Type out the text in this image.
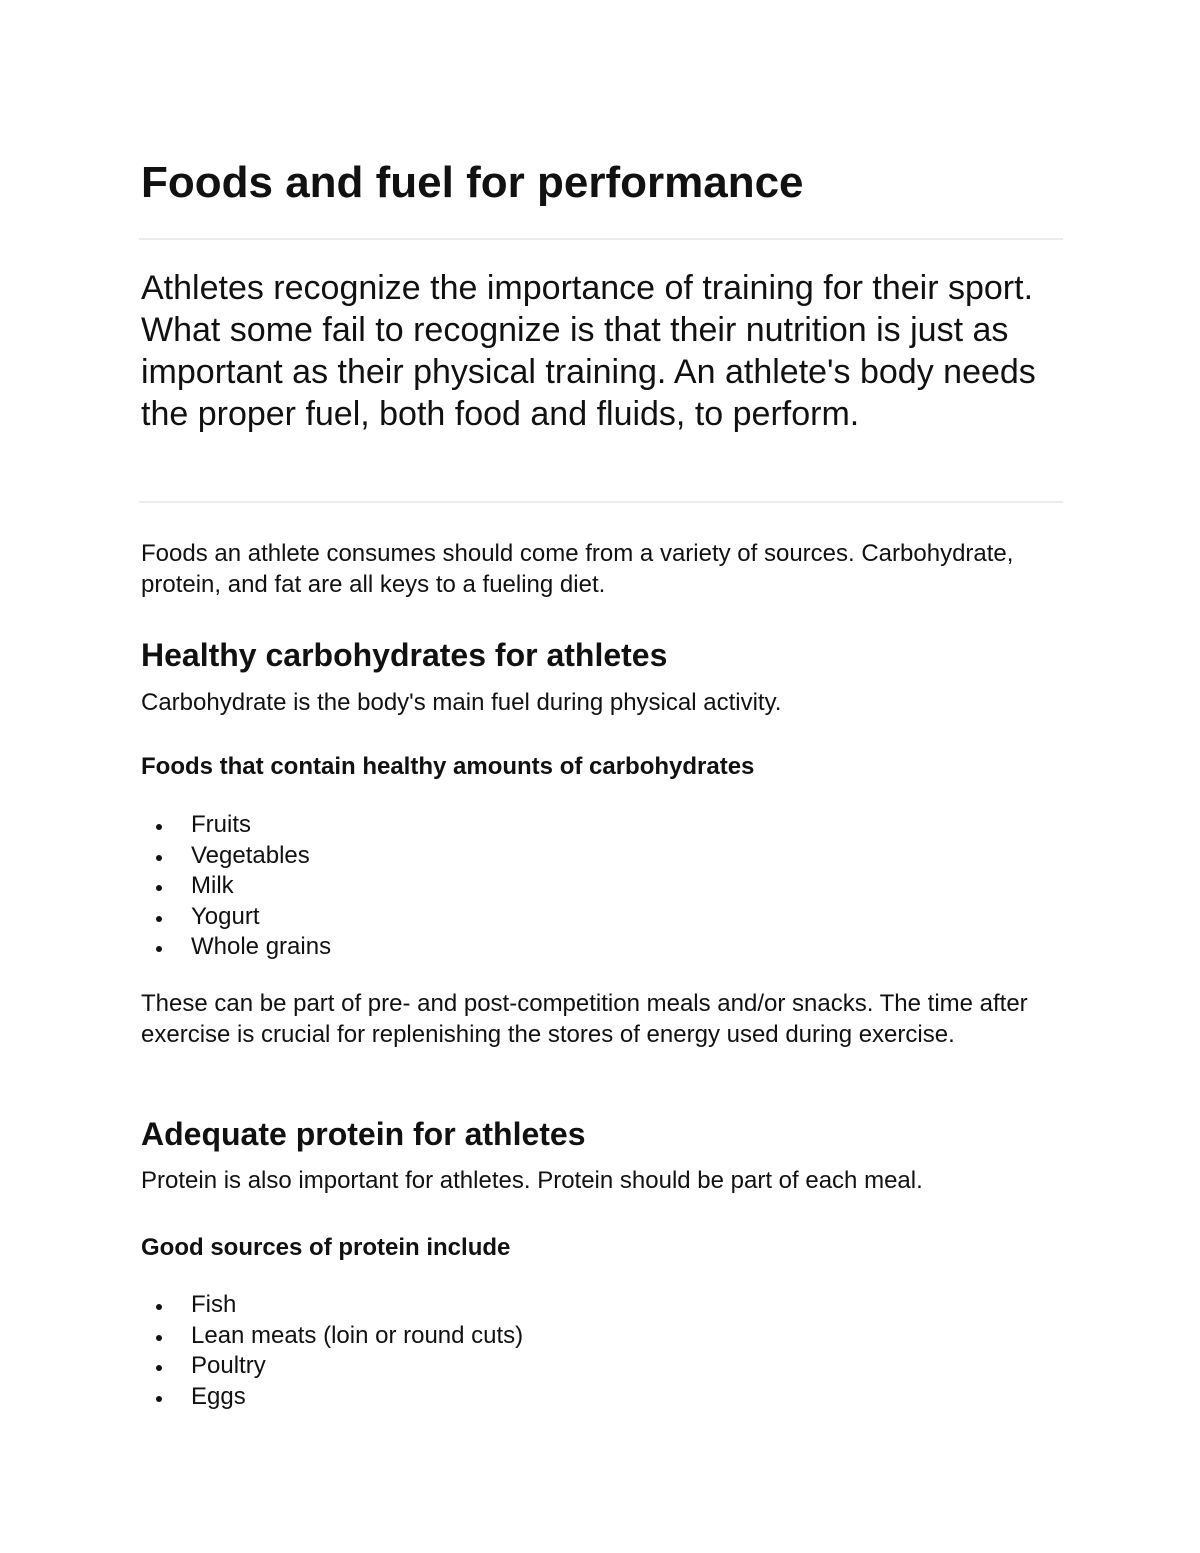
Foods and fuel for performance

Athletes recognize the importance of training for their sport. What some fail to recognize is that their nutrition is just as important as their physical training. An athlete's body needs the proper fuel, both food and fluids, to perform.

Foods an athlete consumes should come from a variety of sources. Carbohydrate, protein, and fat are all keys to a fueling diet.

Healthy carbohydrates for athletes

Carbohydrate is the body's main fuel during physical activity.

Foods that contain healthy amounts of carbohydrates

Fruits
Vegetables
Milk
Yogurt
Whole grains

These can be part of pre- and post-competition meals and/or snacks. The time after exercise is crucial for replenishing the stores of energy used during exercise.

Adequate protein for athletes

Protein is also important for athletes. Protein should be part of each meal.

Good sources of protein include

Fish
Lean meats (loin or round cuts)
Poultry
Eggs
